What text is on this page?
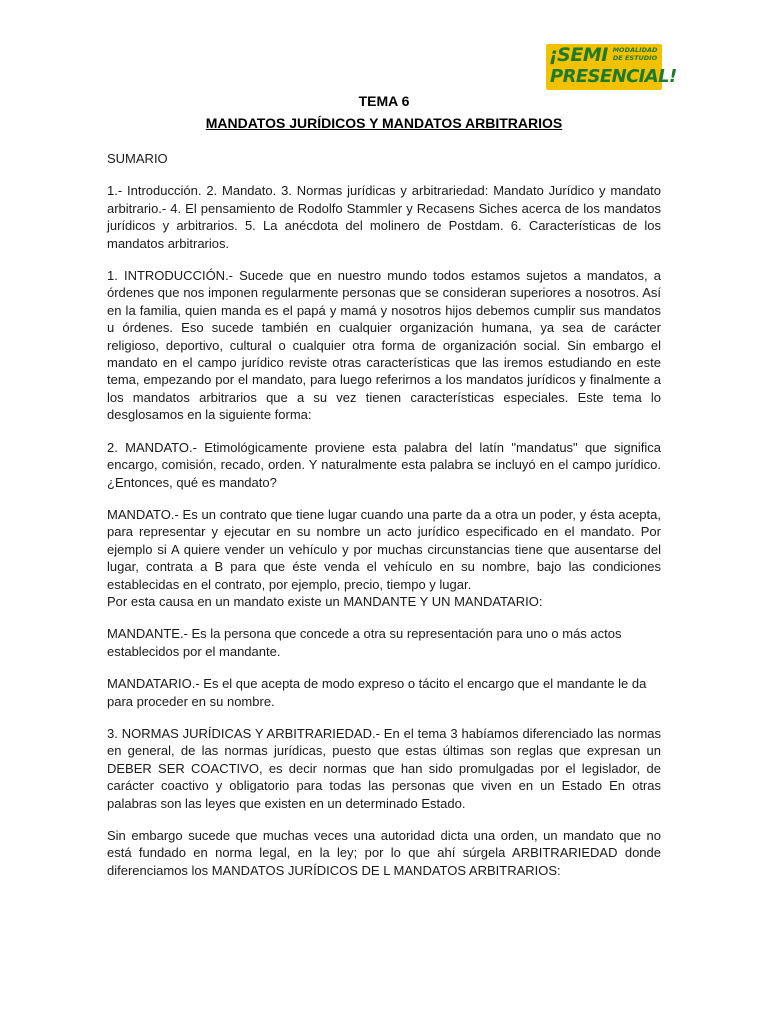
¡SEMI MODALIDAD DE ESTUDIO
PRESENCIAL!
TEMA 6
MANDATOS JURÍDICOS Y MANDATOS ARBITRARIOS

SUMARIO

1.- Introducción. 2. Mandato. 3. Normas jurídicas y arbitrariedad: Mandato Jurídico y mandato arbitrario.- 4. El pensamiento de Rodolfo Stammler y Recasens Siches acerca de los mandatos jurídicos y arbitrarios. 5. La anécdota del molinero de Postdam. 6. Características de los mandatos arbitrarios.

1. INTRODUCCIÓN.- Sucede que en nuestro mundo todos estamos sujetos a mandatos, a órdenes que nos imponen regularmente personas que se consideran superiores a nosotros. Así en la familia, quien manda es el papá y mamá y nosotros hijos debemos cumplir sus mandatos u órdenes. Eso sucede también en cualquier organización humana, ya sea de carácter religioso, deportivo, cultural o cualquier otra forma de organización social. Sin embargo el mandato en el campo jurídico reviste otras características que las iremos estudiando en este tema, empezando por el mandato, para luego referirnos a los mandatos jurídicos y finalmente a los mandatos arbitrarios que a su vez tienen características especiales. Este tema lo desglosamos en la siguiente forma:

2. MANDATO.- Etimológicamente proviene esta palabra del latín "mandatus" que significa encargo, comisión, recado, orden. Y naturalmente esta palabra se incluyó en el campo jurídico. ¿Entonces, qué es mandato?

MANDATO.- Es un contrato que tiene lugar cuando una parte da a otra un poder, y ésta acepta, para representar y ejecutar en su nombre un acto jurídico especificado en el mandato. Por ejemplo si A quiere vender un vehículo y por muchas circunstancias tiene que ausentarse del lugar, contrata a B para que éste venda el vehículo en su nombre, bajo las condiciones establecidas en el contrato, por ejemplo, precio, tiempo y lugar.

Por esta causa en un mandato existe un MANDANTE Y UN MANDATARIO:

MANDANTE.- Es la persona que concede a otra su representación para uno o más actos establecidos por el mandante.

MANDATARIO.- Es el que acepta de modo expreso o tácito el encargo que el mandante le da para proceder en su nombre.

3. NORMAS JURÍDICAS Y ARBITRARIEDAD.- En el tema 3 habíamos diferenciado las normas en general, de las normas jurídicas, puesto que estas últimas son reglas que expresan un DEBER SER COACTIVO, es decir normas que han sido promulgadas por el legislador, de carácter coactivo y obligatorio para todas las personas que viven en un Estado En otras palabras son las leyes que existen en un determinado Estado.

Sin embargo sucede que muchas veces una autoridad dicta una orden, un mandato que no está fundado en norma legal, en la ley; por lo que ahí súrgela ARBITRARIEDAD donde diferenciamos los MANDATOS JURÍDICOS DE L MANDATOS ARBITRARIOS:
